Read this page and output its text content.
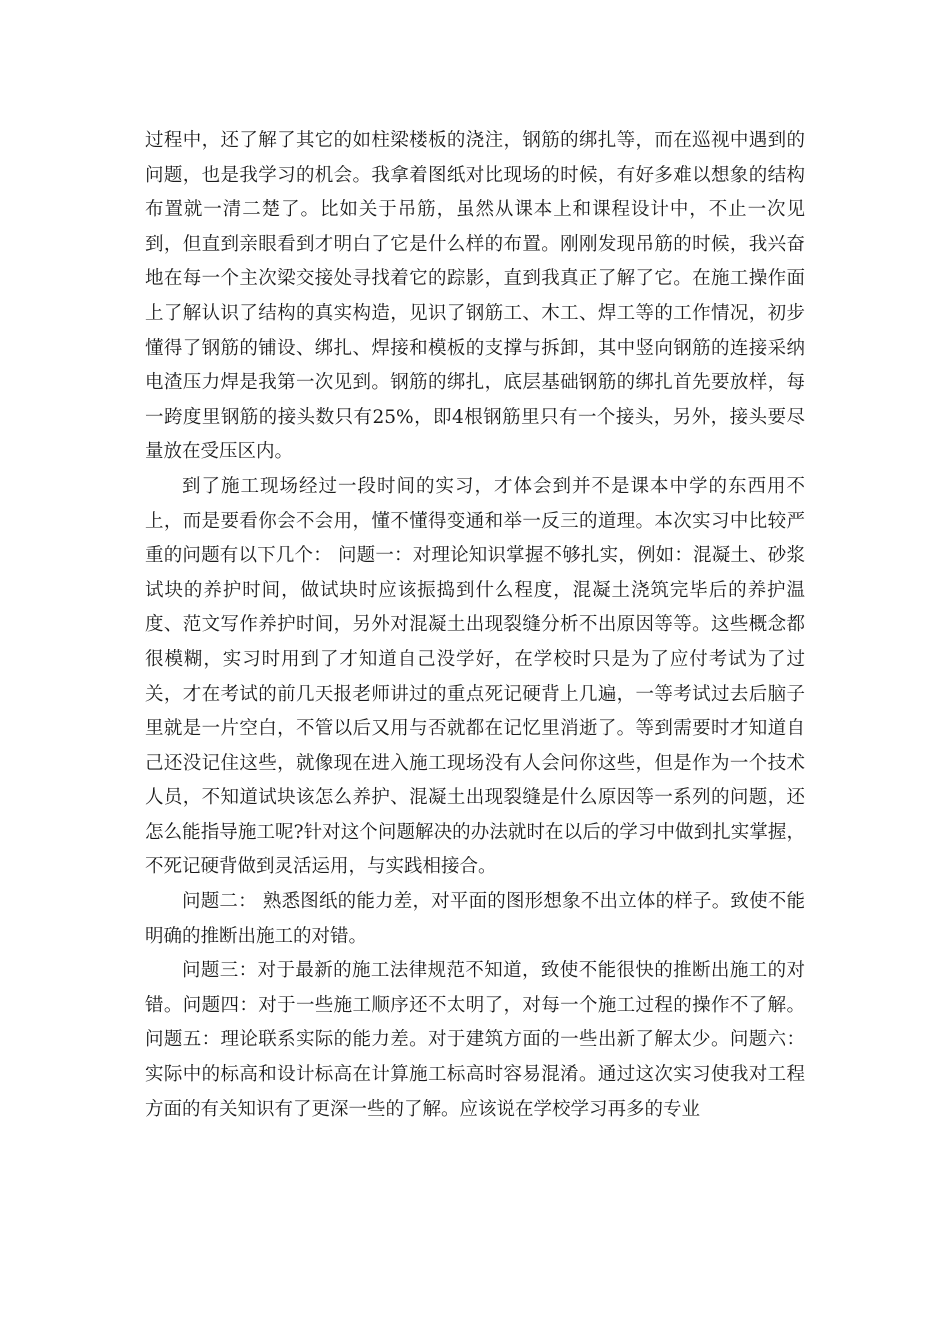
过程中，还了解了其它的如柱梁楼板的浇注，钢筋的绑扎等，而在巡视中遇到的问题，也是我学习的机会。我拿着图纸对比现场的时候，有好多难以想象的结构布置就一清二楚了。比如关于吊筋，虽然从课本上和课程设计中，不止一次见到，但直到亲眼看到才明白了它是什么样的布置。刚刚发现吊筋的时候，我兴奋地在每一个主次梁交接处寻找着它的踪影，直到我真正了解了它。在施工操作面上了解认识了结构的真实构造，见识了钢筋工、木工、焊工等的工作情况，初步懂得了钢筋的铺设、绑扎、焊接和模板的支撑与拆卸，其中竖向钢筋的连接采纳电渣压力焊是我第一次见到。钢筋的绑扎，底层基础钢筋的绑扎首先要放样，每一跨度里钢筋的接头数只有25%，即4根钢筋里只有一个接头，另外，接头要尽量放在受压区内。

到了施工现场经过一段时间的实习，才体会到并不是课本中学的东西用不上，而是要看你会不会用，懂不懂得变通和举一反三的道理。本次实习中比较严重的问题有以下几个： 问题一：对理论知识掌握不够扎实，例如：混凝土、砂浆试块的养护时间，做试块时应该振捣到什么程度，混凝土浇筑完毕后的养护温度、范文写作养护时间，另外对混凝土出现裂缝分析不出原因等等。这些概念都很模糊，实习时用到了才知道自己没学好，在学校时只是为了应付考试为了过关，才在考试的前几天报老师讲过的重点死记硬背上几遍，一等考试过去后脑子里就是一片空白，不管以后又用与否就都在记忆里消逝了。等到需要时才知道自己还没记住这些，就像现在进入施工现场没有人会问你这些，但是作为一个技术人员，不知道试块该怎么养护、混凝土出现裂缝是什么原因等一系列的问题，还怎么能指导施工呢?针对这个问题解决的办法就时在以后的学习中做到扎实掌握，不死记硬背做到灵活运用，与实践相接合。

问题二： 熟悉图纸的能力差，对平面的图形想象不出立体的样子。致使不能明确的推断出施工的对错。

问题三：对于最新的施工法律规范不知道，致使不能很快的推断出施工的对错。问题四：对于一些施工顺序还不太明了，对每一个施工过程的操作不了解。问题五：理论联系实际的能力差。对于建筑方面的一些出新了解太少。问题六：实际中的标高和设计标高在计算施工标高时容易混淆。通过这次实习使我对工程方面的有关知识有了更深一些的了解。应该说在学校学习再多的专业
